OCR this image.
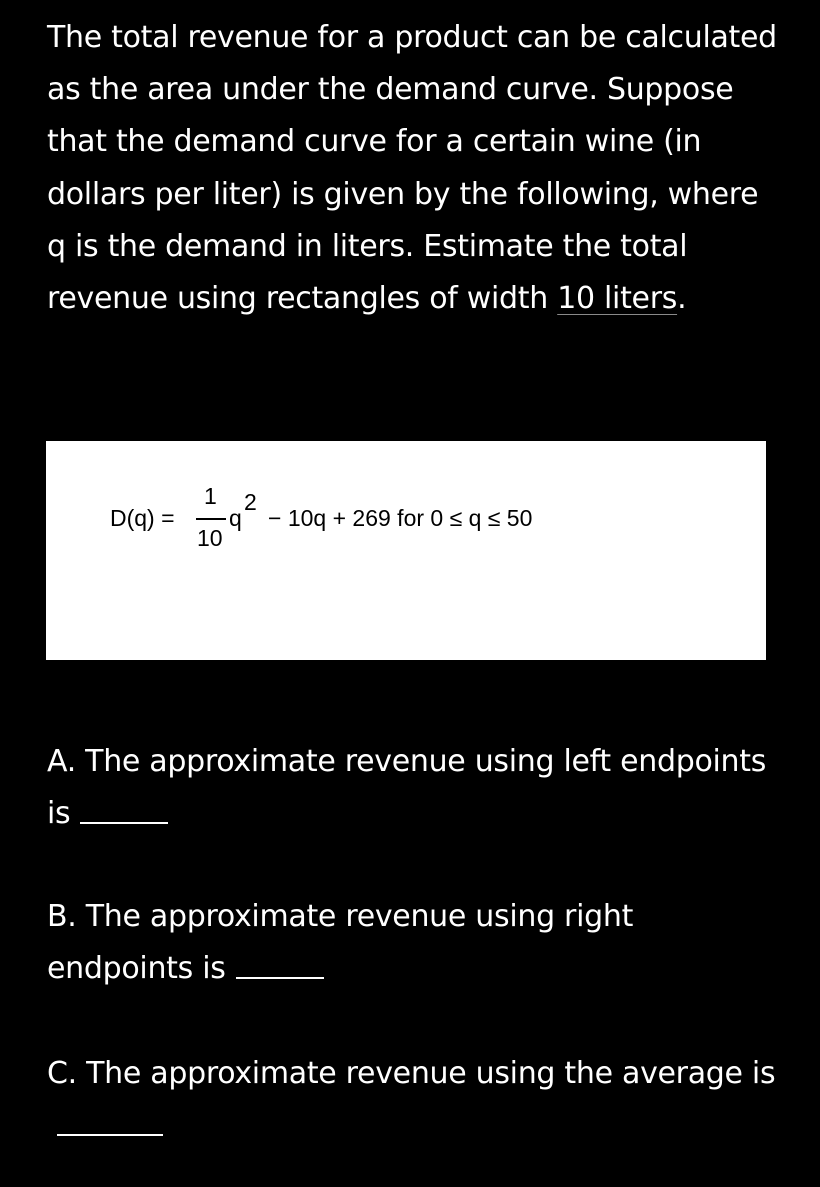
The total revenue for a product can be calculated as the area under the demand curve. Suppose that the demand curve for a certain wine (in dollars per liter) is given by the following, where q is the demand in liters. Estimate the total revenue using rectangles of width 10 liters.

D(q) =
1
10
q
2
− 10q + 269 for 0 ≤ q ≤ 50

A. The approximate revenue using left endpoints is

B. The approximate revenue using right endpoints is

C. The approximate revenue using the average is
